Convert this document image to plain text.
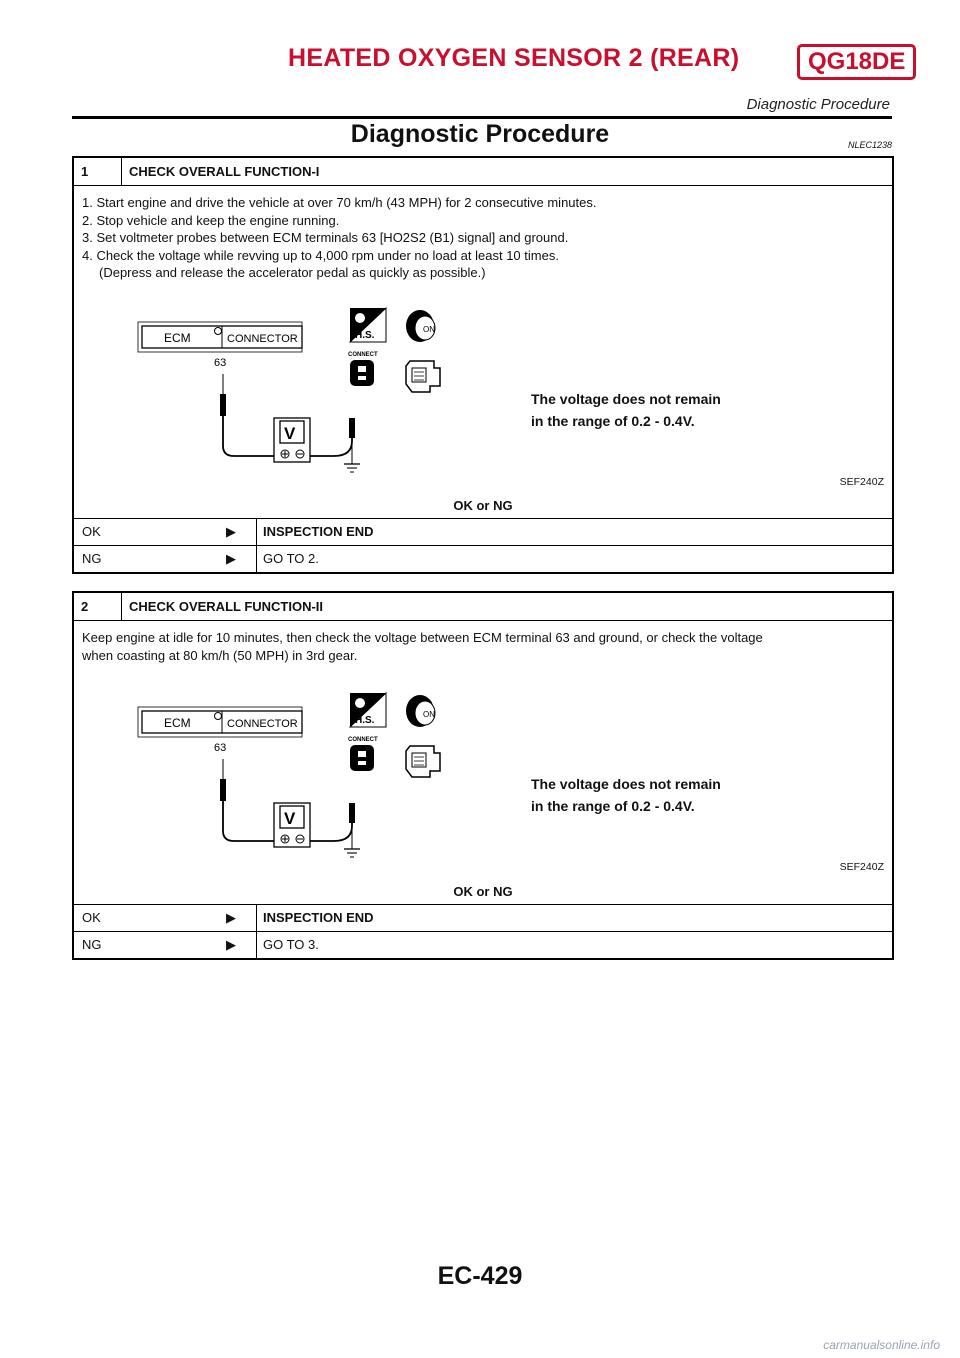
HEATED OXYGEN SENSOR 2 (REAR)	QG18DE
Diagnostic Procedure
Diagnostic Procedure	NLEC1238
1	CHECK OVERALL FUNCTION-I

1. Start engine and drive the vehicle at over 70 km/h (43 MPH) for 2 consecutive minutes.

2. Stop vehicle and keep the engine running.

3. Set voltmeter probes between ECM terminals 63 [HO2S2 (B1) signal] and ground.

4. Check the voltage while revving up to 4,000 rpm under no load at least 10 times.

(Depress and release the accelerator pedal as quickly as possible.)

ECM	CONNECTOR
63
V
H.S.
ON
CONNECT
The voltage does not remain
in the range of 0.2 - 0.4V.
SEF240Z
OK or NG
OK	▶	INSPECTION END
NG	▶	GO TO 2.
2	CHECK OVERALL FUNCTION-II

Keep engine at idle for 10 minutes, then check the voltage between ECM terminal 63 and ground, or check the voltage

when coasting at 80 km/h (50 MPH) in 3rd gear.

ECM	CONNECTOR
63
V
H.S.
ON
CONNECT
The voltage does not remain
in the range of 0.2 - 0.4V.
SEF240Z
OK or NG
OK	▶	INSPECTION END
NG	▶	GO TO 3.
EC-429
carmanualsonline.info
